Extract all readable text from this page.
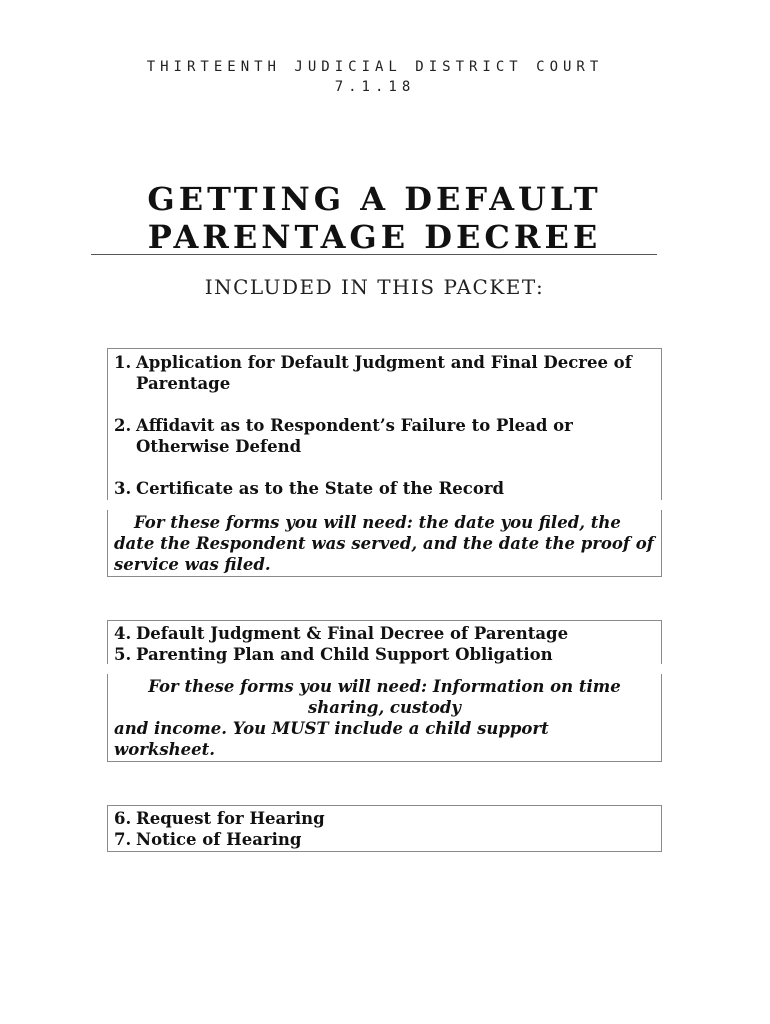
THIRTEENTH JUDICIAL DISTRICT COURT
7.1.18
GETTING A DEFAULT
PARENTAGE DECREE
INCLUDED IN THIS PACKET:
1. Application for Default Judgment and Final Decree of Parentage
2. Affidavit as to Respondent’s Failure to Plead or Otherwise Defend
3. Certificate as to the State of the Record
For these forms you will need: the date you filed, the date the Respondent was served, and the date the proof of service was filed.
4. Default Judgment & Final Decree of Parentage
5. Parenting Plan and Child Support Obligation
For these forms you will need: Information on time
sharing, custody
and income. You MUST include a child support worksheet.
6. Request for Hearing
7. Notice of Hearing
